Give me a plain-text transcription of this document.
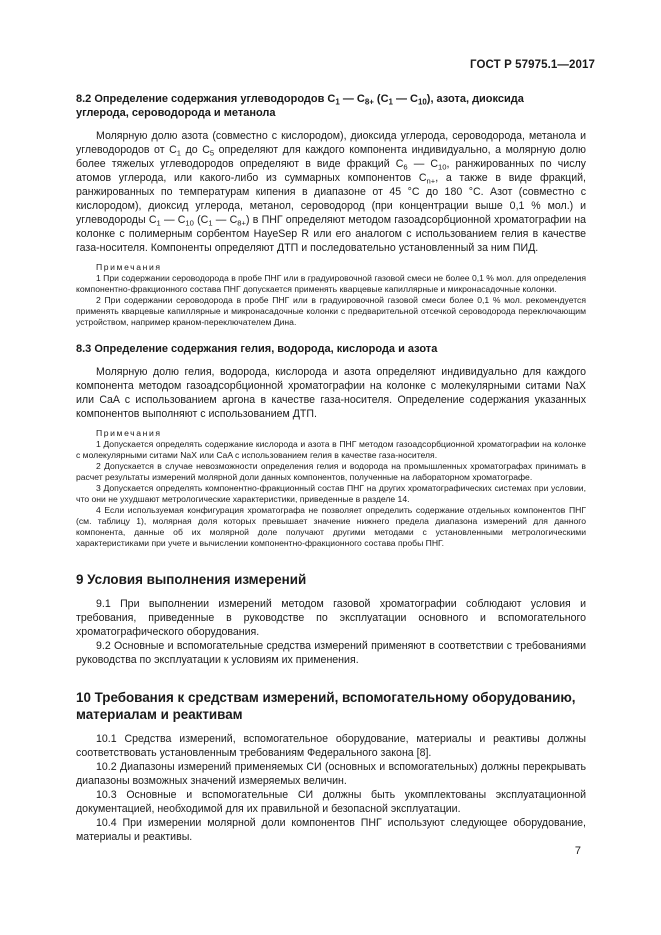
ГОСТ Р 57975.1—2017
8.2 Определение содержания углеводородов $C_1$ — $C_{8+}$ ($C_1$ — $C_{10}$), азота, диоксида
углерода, сероводорода и метанола

Молярную долю азота (совместно с кислородом), диоксида углерода, сероводорода, метанола и углеводородов от $C_1$ до $C_5$ определяют для каждого компонента индивидуально, а молярную долю более тяжелых углеводородов определяют в виде фракций $C_6$ — $C_{10}$, ранжированных по числу атомов углерода, или какого-либо из суммарных компонентов $C_{n+}$, а также в виде фракций, ранжированных по температурам кипения в диапазоне от 45 °C до 180 °C. Азот (совместно с кислородом), диоксид углерода, метанол, сероводород (при концентрации выше 0,1 % мол.) и углеводороды $C_1$ — $C_{10}$ ($C_1$ — $C_{8+}$) в ПНГ определяют методом газоадсорбционной хроматографии на колонке с полимерным сорбентом HayeSep R или его аналогом с использованием гелия в качестве газа-носителя. Компоненты определяют ДТП и последовательно установленный за ним ПИД.

Примечания

1 При содержании сероводорода в пробе ПНГ или в градуировочной газовой смеси не более 0,1 % мол. для определения компонентно-фракционного состава ПНГ допускается применять кварцевые капиллярные и микронасадочные колонки.

2 При содержании сероводорода в пробе ПНГ или в градуировочной газовой смеси более 0,1 % мол. рекомендуется применять кварцевые капиллярные и микронасадочные колонки с предварительной отсечкой сероводорода переключающим устройством, например краном-переключателем Дина.

8.3 Определение содержания гелия, водорода, кислорода и азота

Молярную долю гелия, водорода, кислорода и азота определяют индивидуально для каждого компонента методом газоадсорбционной хроматографии на колонке с молекулярными ситами NaX или CaA с использованием аргона в качестве газа-носителя. Определение содержания указанных компонентов выполняют с использованием ДТП.

Примечания

1 Допускается определять содержание кислорода и азота в ПНГ методом газоадсорбционной хроматографии на колонке с молекулярными ситами NaX или CaA с использованием гелия в качестве газа-носителя.

2 Допускается в случае невозможности определения гелия и водорода на промышленных хроматографах принимать в расчет результаты измерений молярной доли данных компонентов, полученные на лабораторном хроматографе.

3 Допускается определять компонентно-фракционный состав ПНГ на других хроматографических системах при условии, что они не ухудшают метрологические характеристики, приведенные в разделе 14.

4 Если используемая конфигурация хроматографа не позволяет определить содержание отдельных компонентов ПНГ (см. таблицу 1), молярная доля которых превышает значение нижнего предела диапазона измерений для данного компонента, данные об их молярной доле получают другими методами с установленными метрологическими характеристиками при учете и вычислении компонентно-фракционного состава пробы ПНГ.

9 Условия выполнения измерений

9.1 При выполнении измерений методом газовой хроматографии соблюдают условия и требования, приведенные в руководстве по эксплуатации основного и вспомогательного хроматографического оборудования.

9.2 Основные и вспомогательные средства измерений применяют в соответствии с требованиями руководства по эксплуатации к условиям их применения.

10 Требования к средствам измерений, вспомогательному оборудованию,
материалам и реактивам

10.1 Средства измерений, вспомогательное оборудование, материалы и реактивы должны соответствовать установленным требованиям Федерального закона [8].

10.2 Диапазоны измерений применяемых СИ (основных и вспомогательных) должны перекрывать диапазоны возможных значений измеряемых величин.

10.3 Основные и вспомогательные СИ должны быть укомплектованы эксплуатационной документацией, необходимой для их правильной и безопасной эксплуатации.

10.4 При измерении молярной доли компонентов ПНГ используют следующее оборудование, материалы и реактивы.

7
